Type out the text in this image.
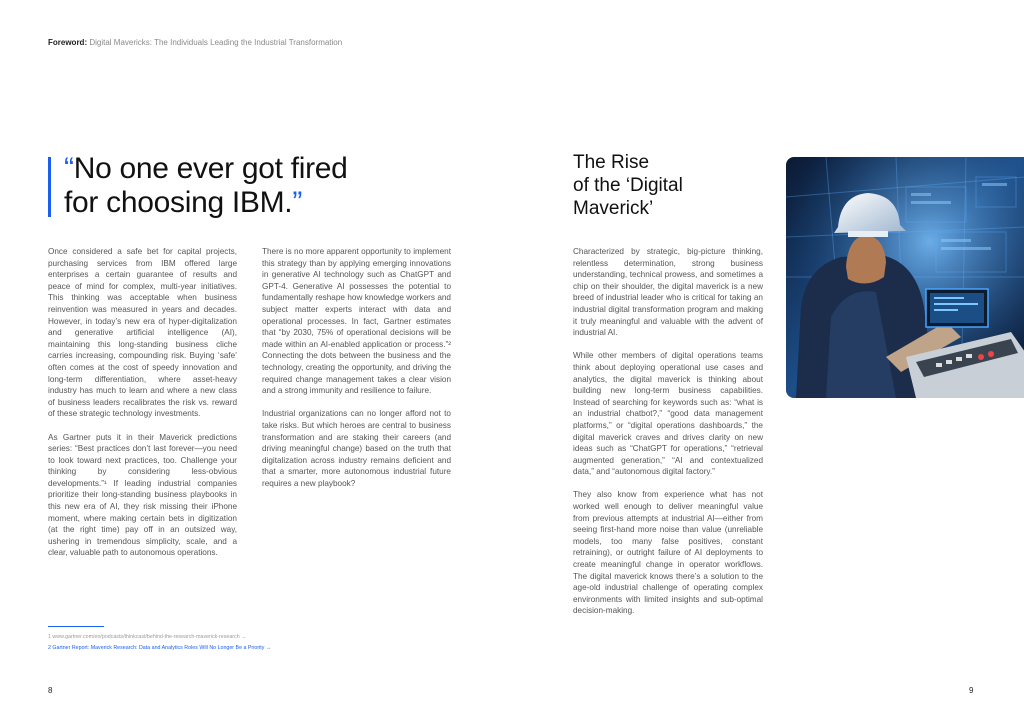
Foreword: Digital Mavericks: The Individuals Leading the Industrial Transformation
“No one ever got fired
for choosing IBM.”

Once considered a safe bet for capital projects, purchasing services from IBM offered large enterprises a certain guarantee of results and peace of mind for complex, multi-year initiatives. This thinking was acceptable when business reinvention was measured in years and decades. However, in today’s new era of hyper-digitalization and generative artificial intelligence (AI), maintaining this long-standing business cliche carries increasing, compounding risk. Buying ‘safe’ often comes at the cost of speedy innovation and long-term differentiation, where asset-heavy industry has much to learn and where a new class of business leaders recalibrates the risk vs. reward of these strategic technology investments.

As Gartner puts it in their Maverick predictions series: “Best practices don’t last forever—you need to look toward next practices, too. Challenge your thinking by considering less-obvious developments.”¹ If leading industrial companies prioritize their long-standing business playbooks in this new era of AI, they risk missing their iPhone moment, where making certain bets in digitization (at the right time) pay off in an outsized way, ushering in tremendous simplicity, scale, and a clear, valuable path to autonomous operations.

There is no more apparent opportunity to implement this strategy than by applying emerging innovations in generative AI technology such as ChatGPT and GPT-4. Generative AI possesses the potential to fundamentally reshape how knowledge workers and subject matter experts interact with data and operational processes. In fact, Gartner estimates that “by 2030, 75% of operational decisions will be made within an AI-enabled application or process.”² Connecting the dots between the business and the technology, creating the opportunity, and driving the required change management takes a clear vision and a strong immunity and resilience to failure.

Industrial organizations can no longer afford not to take risks. But which heroes are central to business transformation and are staking their careers (and driving meaningful change) based on the truth that digitalization across industry remains deficient and that a smarter, more autonomous industrial future requires a new playbook?

1 www.gartner.com/en/podcasts/thinkcast/behind-the-research-maverick-research →
2 Gartner Report: Maverick Research: Data and Analytics Roles Will No Longer Be a Priority →
8
The Rise
of the ‘Digital
Maverick’

Characterized by strategic, big-picture thinking, relentless determination, strong business understanding, technical prowess, and sometimes a chip on their shoulder, the digital maverick is a new breed of industrial leader who is critical for taking an industrial digital transformation program and making it truly meaningful and valuable with the advent of industrial AI.

While other members of digital operations teams think about deploying operational use cases and analytics, the digital maverick is thinking about building new long-term business capabilities. Instead of searching for keywords such as: “what is an industrial chatbot?,” “good data management platforms,” or “digital operations dashboards,” the digital maverick craves and drives clarity on new ideas such as “ChatGPT for operations,” “retrieval augmented generation,” “AI and contextualized data,” and “autonomous digital factory.”

They also know from experience what has not worked well enough to deliver meaningful value from previous attempts at industrial AI—either from seeing first-hand more noise than value (unreliable models, too many false positives, constant retraining), or outright failure of AI deployments to create meaningful change in operator workflows. The digital maverick knows there’s a solution to the age-old industrial challenge of operating complex environments with limited insights and sub-optimal decision-making.

9
